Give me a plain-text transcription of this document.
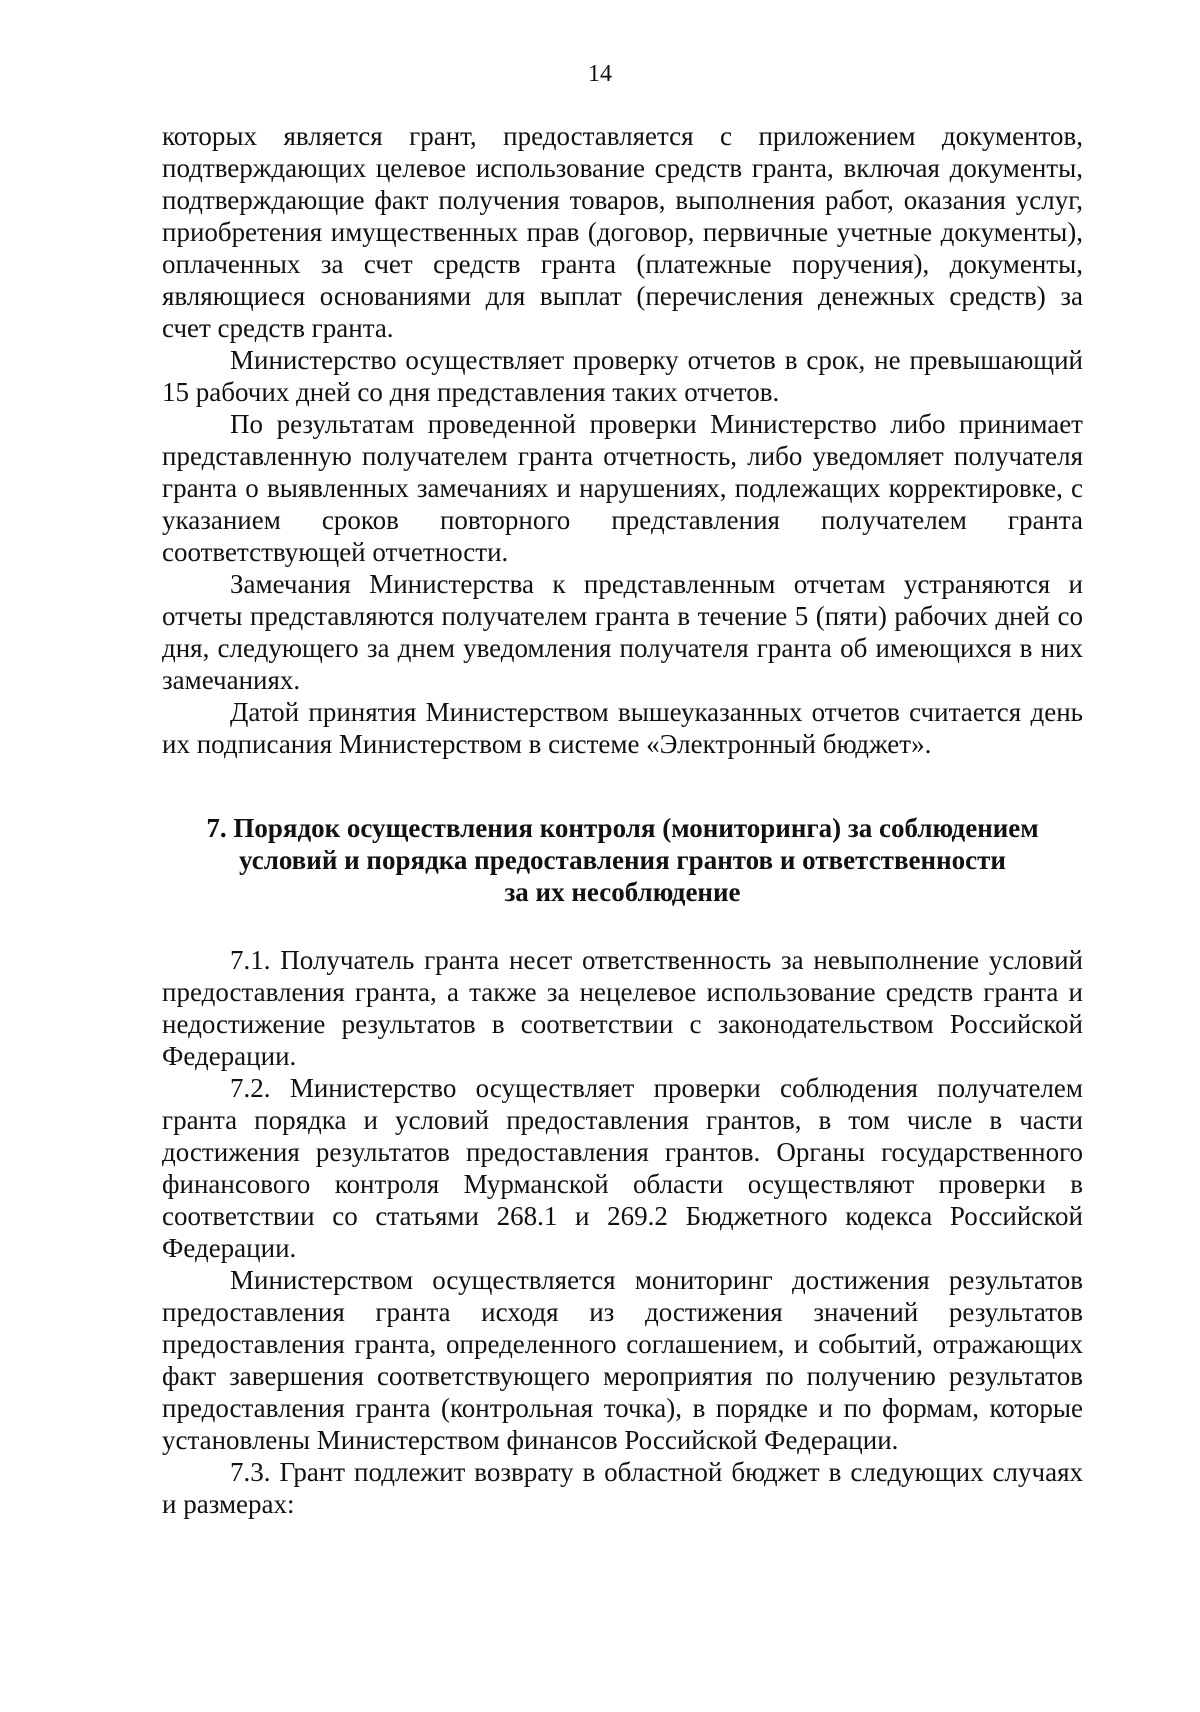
14

которых является грант, предоставляется с приложением документов, подтверждающих целевое использование средств гранта, включая документы, подтверждающие факт получения товаров, выполнения работ, оказания услуг, приобретения имущественных прав (договор, первичные учетные документы), оплаченных за счет средств гранта (платежные поручения), документы, являющиеся основаниями для выплат (перечисления денежных средств) за счет средств гранта.

Министерство осуществляет проверку отчетов в срок, не превышающий 15 рабочих дней со дня представления таких отчетов.

По результатам проведенной проверки Министерство либо принимает представленную получателем гранта отчетность, либо уведомляет получателя гранта о выявленных замечаниях и нарушениях, подлежащих корректировке, с указанием сроков повторного представления получателем гранта соответствующей отчетности.

Замечания Министерства к представленным отчетам устраняются и отчеты представляются получателем гранта в течение 5 (пяти) рабочих дней со дня, следующего за днем уведомления получателя гранта об имеющихся в них замечаниях.

Датой принятия Министерством вышеуказанных отчетов считается день их подписания Министерством в системе «Электронный бюджет».

7. Порядок осуществления контроля (мониторинга) за соблюдением
условий и порядка предоставления грантов и ответственности
за их несоблюдение

7.1. Получатель гранта несет ответственность за невыполнение условий предоставления гранта, а также за нецелевое использование средств гранта и недостижение результатов в соответствии с законодательством Российской Федерации.

7.2. Министерство осуществляет проверки соблюдения получателем гранта порядка и условий предоставления грантов, в том числе в части достижения результатов предоставления грантов. Органы государственного финансового контроля Мурманской области осуществляют проверки в соответствии со статьями 268.1 и 269.2 Бюджетного кодекса Российской Федерации.

Министерством осуществляется мониторинг достижения результатов предоставления гранта исходя из достижения значений результатов предоставления гранта, определенного соглашением, и событий, отражающих факт завершения соответствующего мероприятия по получению результатов предоставления гранта (контрольная точка), в порядке и по формам, которые установлены Министерством финансов Российской Федерации.

7.3. Грант подлежит возврату в областной бюджет в следующих случаях и размерах:
